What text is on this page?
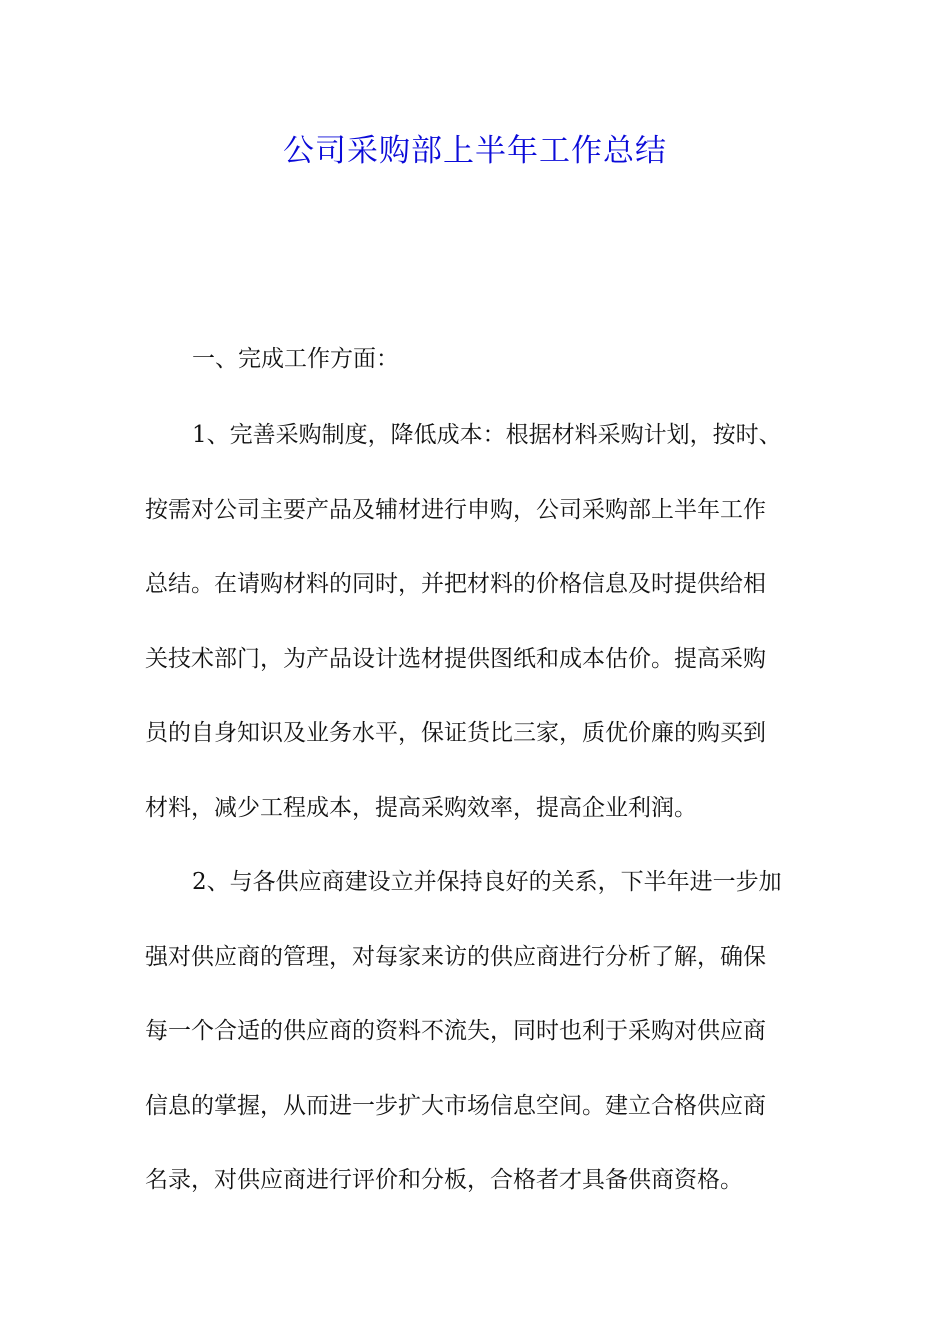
公司采购部上半年工作总结

一、完成工作方面：

1、完善采购制度，降低成本：根据材料采购计划，按时、
按需对公司主要产品及辅材进行申购，公司采购部上半年工作
总结。在请购材料的同时，并把材料的价格信息及时提供给相
关技术部门，为产品设计选材提供图纸和成本估价。提高采购
员的自身知识及业务水平，保证货比三家，质优价廉的购买到
材料，减少工程成本，提高采购效率，提高企业利润。
2、与各供应商建设立并保持良好的关系，下半年进一步加
强对供应商的管理，对每家来访的供应商进行分析了解，确保
每一个合适的供应商的资料不流失，同时也利于采购对供应商
信息的掌握，从而进一步扩大市场信息空间。建立合格供应商
名录，对供应商进行评价和分板，合格者才具备供商资格。
